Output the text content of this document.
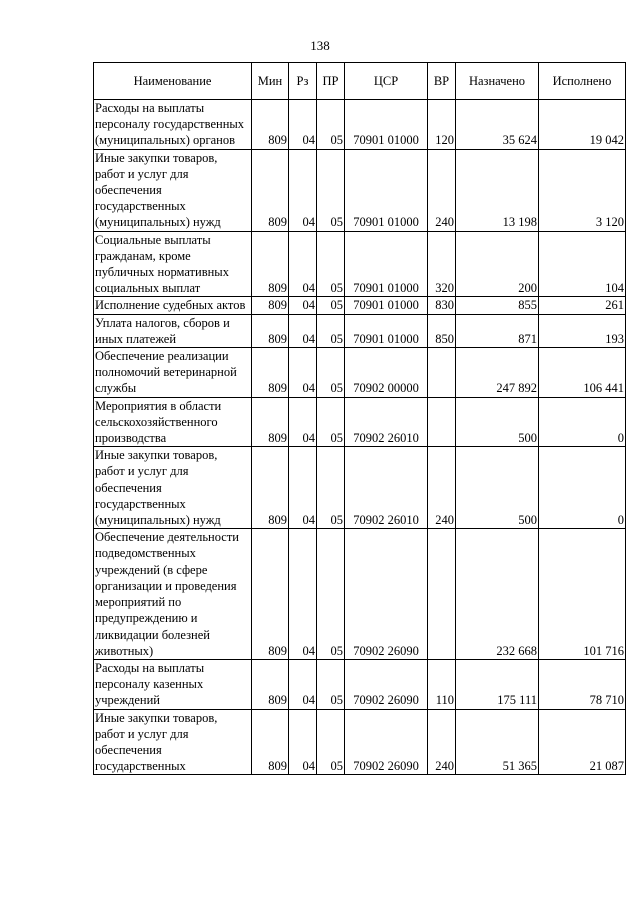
138
Наименование	Мин	Рз	ПР	ЦСР	ВР	Назначено	Исполнено
Расходы на выплаты персоналу государственных (муниципальных) органов	809	04	05	70901 01000	120	35 624	19 042
Иные закупки товаров, работ и услуг для обеспечения государственных (муниципальных) нужд	809	04	05	70901 01000	240	13 198	3 120
Социальные выплаты гражданам, кроме публичных нормативных социальных выплат	809	04	05	70901 01000	320	200	104
Исполнение судебных актов	809	04	05	70901 01000	830	855	261
Уплата налогов, сборов и иных платежей	809	04	05	70901 01000	850	871	193
Обеспечение реализации полномочий ветеринарной службы	809	04	05	70902 00000		247 892	106 441
Мероприятия в области сельскохозяйственного производства	809	04	05	70902 26010		500	0
Иные закупки товаров, работ и услуг для обеспечения государственных (муниципальных) нужд	809	04	05	70902 26010	240	500	0
Обеспечение деятельности подведомственных учреждений (в сфере организации и проведения мероприятий по предупреждению и ликвидации болезней животных)	809	04	05	70902 26090		232 668	101 716
Расходы на выплаты персоналу казенных учреждений	809	04	05	70902 26090	110	175 111	78 710
Иные закупки товаров, работ и услуг для обеспечения государственных	809	04	05	70902 26090	240	51 365	21 087
